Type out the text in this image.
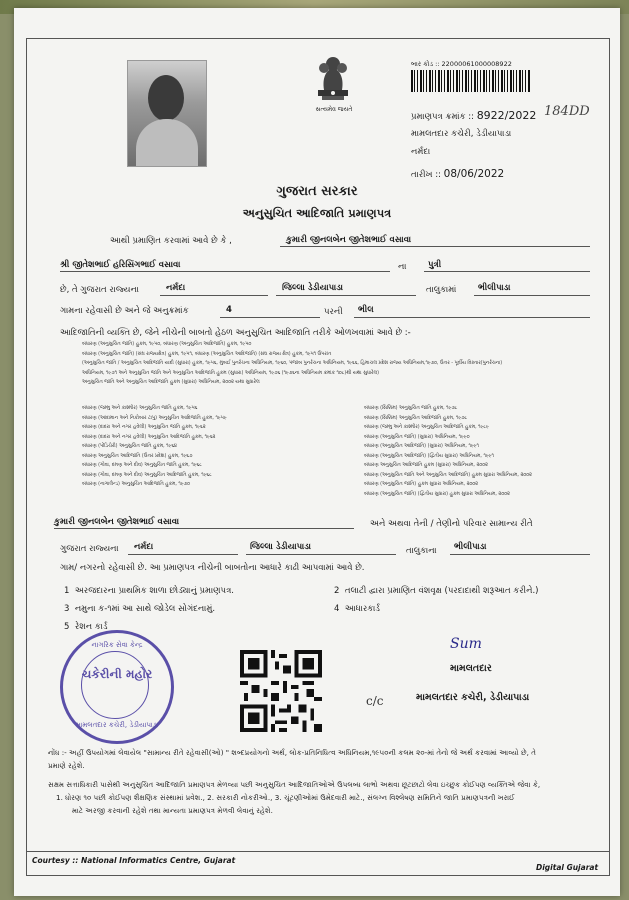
સત્યમેવ જયતે
બાર કોડ :: 22000061000008922
પ્રમાણપત્ર ક્રમાંક :: 8922/2022 184DD
મામલતદાર કચેરી, ડેડીયાપાડા
નર્મદા
તારીખ :: 08/06/2022
ગુજરાત સરકાર
અનુસુચિત આદિજાતિ પ્રમાણપત્ર
આથી પ્રમાણિત કરવામાં આવે છે કે ,	કુમારી જીનલબેન જીતેશભાઈ વસાવા
શ્રી જીતેશભાઈ હરિસિંગભાઈ વસાવા	ના	પુત્રી
છે, તે ગુજરાત રાજ્યના	નર્મદા	જિલ્લા ડેડીયાપાડા	તાલુકામાં	ભીલીપાડા
ગામના રહેવાસી છે અને જે અનુક્રમાંક	4	પરની ભીલ
આદિજાતિની વ્યક્તિ છે, જેને નીચેની બાબતો હેઠળ અનુસુચિત આદિજાતિ તરીકે ઓળખવામાં આવે છે :-
બંધારણ (અનુસુચિત જાતિ) હુકમ, ૧૯૫૦, બંધારણ (અનુસુચિત આદિજાતિ) હુકમ, ૧૯૫૦
બંધારણ (અનુસુચિત જાતિ) (સંઘ રાજ્યક્ષેત્ર) હુકમ, ૧૯૫૧, બંધારણ (અનુસુચિત આદિજાતિ) (સંઘ રાજ્ય ક્ષેત્ર) હુકમ, ૧૯૫૧ ઉપરાંત
(અનુસુચિત જાતિ / અનુસુચિત આદિજાતિ યાદી (સુધારા) હુકમ, ૧૯૫૬, મુંબઈ પુનર્રચના અધિનિયમ, ૧૯૬૦, પંજાબ પુનર્રચના અધિનિયમ, ૧૯૬૬, હિમાચલ પ્રદેશ રાજ્ય અધિનિયમ,૧૯૭૦, ઉત્તર - પૂર્વીય વિસ્તાર(પુનર્રચના)
અધિનિયમ, ૧૯૭૧ અને અનુસુચિત જાતિ અને અનુસુચિત આદિજાતિ હુકમ (સુધારા) અધિનિયમ, ૧૯૭૬ (૧૯૭૬ના અધિનિયમ ક્રમાંક ૧૦૮)થી યથા સુધારેલ)
અનુસુચિત જાતિ અને અનુસુચિત આદિજાતિ હુકમ (સુધારા) અધિનિયમ, ૨૦૦૨ યથા સુધારેલ
બંધારણ (જમ્મુ અને કાશ્મીર) અનુસુચિત જાતિ હુકમ, ૧૯૫૬
બંધારણ (આંદામાન અને નિકોબાર ટાપુ) અનુસુચિત આદિજાતિ હુકમ, ૧૯૫૯
બંધારણ (દાદરા અને નગર હવેલી) અનુસુચિત જાતિ હુકમ, ૧૯૬૨
બંધારણ (દાદરા અને નગર હવેલી) અનુસુચિત આદિજાતિ હુકમ, ૧૯૬૨
બંધારણ (પોંડિચેરી) અનુસુચિત જાતિ હુકમ, ૧૯૬૪
બંધારણ અનુસુચિત આદિજાતિ (ઉત્તર પ્રદેશ) હુકમ, ૧૯૬૭
બંધારણ (ગોવા, દમણ અને દીવ) અનુસુચિત જાતિ હુકમ, ૧૯૬૮
બંધારણ (ગોવા, દમણ અને દીવ) અનુસુચિત આદિજાતિ હુકમ, ૧૯૬૮
બંધારણ (નાગાલેન્ડ) અનુસુચિત આદિજાતિ હુકમ, ૧૯૭૦
બંધારણ (સિક્કિમ) અનુસુચિત જાતિ હુકમ, ૧૯૭૮
બંધારણ (સિક્કિમ) અનુસુચિત આદિજાતિ હુકમ, ૧૯૭૮
બંધારણ (જમ્મુ અને કાશ્મીર) અનુસુચિત આદિજાતિ હુકમ, ૧૯૮૯
બંધારણ (અનુસુચિત જાતિ) (સુધારા) અધિનિયમ, ૧૯૯૦
બંધારણ (અનુસુચિત આદિજાતિ) (સુધારા) અધિનિયમ, ૧૯૯૧
બંધારણ (અનુસુચિત આદિજાતિ) (દ્વિતીય સુધારા) અધિનિયમ, ૧૯૯૧
બંધારણ અનુસુચિત આદિજાતિ હુકમ (સુધારા) અધિનિયમ, ૨૦૦૨
બંધારણ (અનુસુચિત જાતિ અને અનુસુચિત આદિજાતિ) હુકમ સુધારા અધિનિયમ, ૨૦૦૨
બંધારણ (અનુસુચિત જાતિ) હુકમ સુધારા અધિનિયમ, ૨૦૦૨
બંધારણ (અનુસુચિત જાતિ) (દ્વિતીય સુધારા) હુકમ સુધારા અધિનિયમ, ૨૦૦૨
કુમારી જીનલબેન જીતેશભાઈ વસાવા	અને અથવા તેની / તેણીનો પરિવાર સામાન્ય રીતે
ગુજરાત રાજ્યના નર્મદા	જિલ્લા ડેડીયાપાડા	તાલુકાના ભીલીપાડા
ગામ/ નગરનો રહેવાસી છે. આ પ્રમાણપત્ર નીચેની બાબતોના આધારે કાઢી આપવામાં આવે છે.
1 અરજદારના પ્રાથમિક શાળા છોડ્યાનું પ્રમાણપત્ર.	2 તલાટી દ્વારા પ્રમાણિત વંશવૃક્ષ (પરદાદાથી શરૂઆત કરીને.)
3 નમુના ક-૧માં આ સાથે જોડેલ સોગંદનામું.	4 આધારકાર્ડ
5 રેશન કાર્ડ
નાગરિક સેવા કેન્દ્ર
ચકેરીની મહોર
મામલતદાર કચેરી, ડેડીયાપાડા
Sum
મામલતદાર
c/c	મામલતદાર કચેરી, ડેડીયાપાડા
નોંધ :- અહીં ઉપયોગમાં લેવાયેલ "સામાન્ય રીતે રહેવાસી(ઓ) " શબ્દપ્રયોગનો અર્થ, લોક-પ્રતિનિધિત્વ અધિનિયમ,૧૯૫૦ની કલમ ૨૦-માં તેનો જે અર્થ કરવામાં આવ્યો છે, તે
પ્રમાણે રહેશે.
સક્ષમ સત્તાધિકારી પાસેથી અનુસુચિત આદિજાતિ પ્રમાણપત્ર મેળવ્યા પછી અનુસુચિત આદિજાતિઓએ ઉપલબ્ધ લાભો અથવા છૂટછાટો લેવા ઇચ્છુક કોઈપણ વ્યક્તિએ જેવા કે,
1. ધોરણ ૧૦ પછી કોઈપણ શૈક્ષણિક સંસ્થામાં પ્રવેશ., 2. સરકારી નોકરીઓ., 3. ચૂંટણીઓમાં ઉમેદવારી માટે., સંલગ્ન વિશ્લેષણ સમિતિને જાતિ પ્રમાણપત્રની ખરાઈ
માટે અરજી કરવાની રહેશે તથા માન્યતા પ્રમાણપત્ર મેળવી લેવાનું રહેશે.
Courtesy :: National Informatics Centre, Gujarat
Digital Gujarat
